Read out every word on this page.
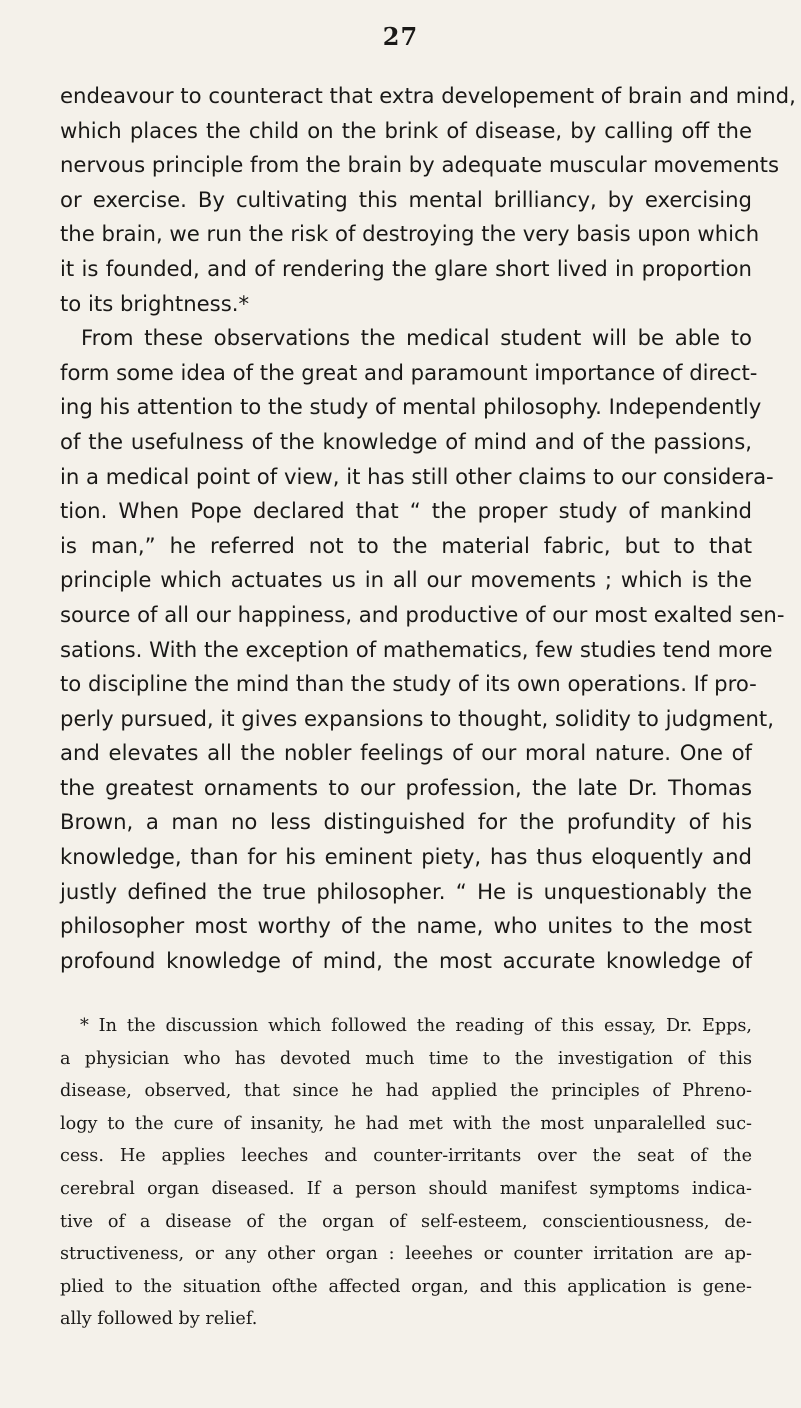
27
endeavour to counteract that extra developement of brain and mind,
which places the child on the brink of disease, by calling off the
nervous principle from the brain by adequate muscular movements
or exercise. By cultivating this mental brilliancy, by exercising
the brain, we run the risk of destroying the very basis upon which
it is founded, and of rendering the glare short lived in proportion
to its brightness.*
From these observations the medical student will be able to
form some idea of the great and paramount importance of direct-
ing his attention to the study of mental philosophy. Independently
of the usefulness of the knowledge of mind and of the passions,
in a medical point of view, it has still other claims to our considera-
tion. When Pope declared that “ the proper study of mankind
is man,” he referred not to the material fabric, but to that
principle which actuates us in all our movements ; which is the
source of all our happiness, and productive of our most exalted sen-
sations. With the exception of mathematics, few studies tend more
to discipline the mind than the study of its own operations. If pro-
perly pursued, it gives expansions to thought, solidity to judgment,
and elevates all the nobler feelings of our moral nature. One of
the greatest ornaments to our profession, the late Dr. Thomas
Brown, a man no less distinguished for the profundity of his
knowledge, than for his eminent piety, has thus eloquently and
justly defined the true philosopher. “ He is unquestionably the
philosopher most worthy of the name, who unites to the most
profound knowledge of mind, the most accurate knowledge of
* In the discussion which followed the reading of this essay, Dr. Epps,
a physician who has devoted much time to the investigation of this
disease, observed, that since he had applied the principles of Phreno-
logy to the cure of insanity, he had met with the most unparalelled suc-
cess. He applies leeches and counter-irritants over the seat of the
cerebral organ diseased. If a person should manifest symptoms indica-
tive of a disease of the organ of self-esteem, conscientiousness, de-
structiveness, or any other organ : leeehes or counter irritation are ap-
plied to the situation ofthe affected organ, and this application is gene-
ally followed by relief.
